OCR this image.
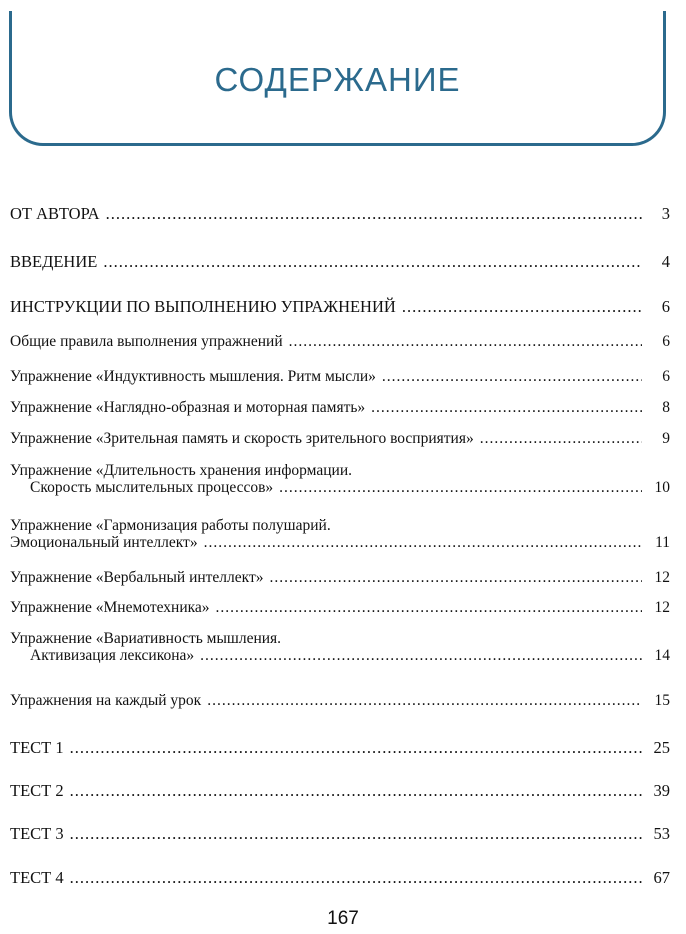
СОДЕРЖАНИЕ
ОТ АВТОРА .....	3
ВВЕДЕНИЕ .....	4
ИНСТРУКЦИИ ПО ВЫПОЛНЕНИЮ УПРАЖНЕНИЙ .....	6
Общие правила выполнения упражнений .....	6
Упражнение «Индуктивность мышления. Ритм мысли» .....	6
Упражнение «Наглядно-образная и моторная память» .....	8
Упражнение «Зрительная память и скорость зрительного восприятия» .....	9
Упражнение «Длительность хранения информации.
Скорость мыслительных процессов» .....	10
Упражнение «Гармонизация работы полушарий.
Эмоциональный интеллект» .....	11
Упражнение «Вербальный интеллект» .....	12
Упражнение «Мнемотехника» .....	12
Упражнение «Вариативность мышления.
Активизация лексикона» .....	14
Упражнения на каждый урок .....	15
ТЕСТ 1 .....	25
ТЕСТ 2 .....	39
ТЕСТ 3 .....	53
ТЕСТ 4 .....	67
167
